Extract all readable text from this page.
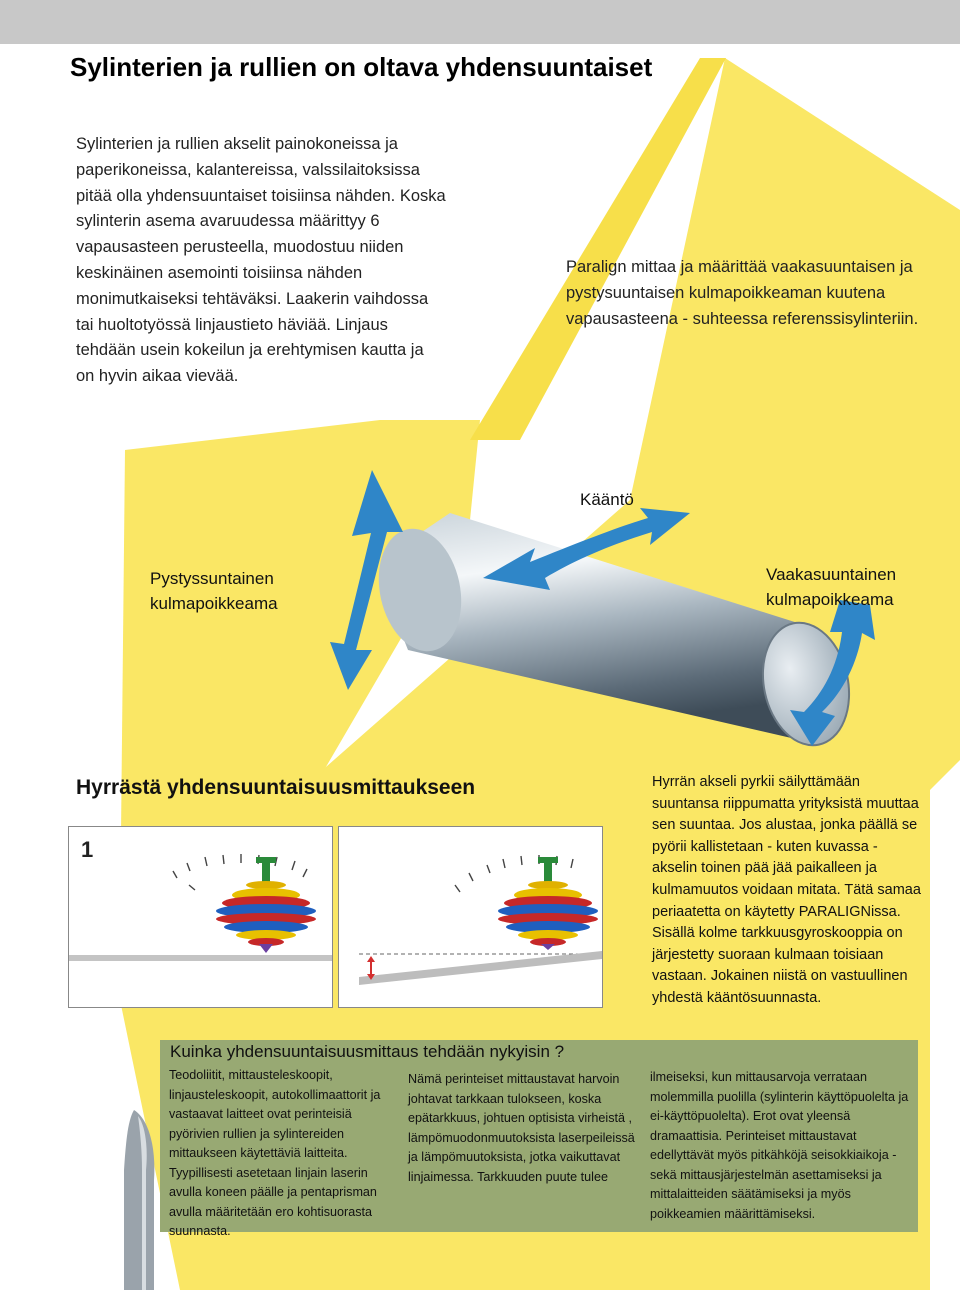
Sylinterien ja rullien on oltava yhdensuuntaiset

Sylinterien ja rullien akselit painokoneissa ja paperikoneissa, kalantereissa, valssilaitoksissa pitää olla yhdensuuntaiset toisiinsa nähden. Koska sylinterin asema avaruudessa määrittyy 6 vapausasteen perusteella, muodostuu niiden keskinäinen asemointi toisiinsa nähden monimutkaiseksi tehtäväksi. Laakerin vaihdossa tai huoltotyössä linjaustieto häviää. Linjaus tehdään usein kokeilun ja erehtymisen kautta ja on hyvin aikaa vievää.

Paralign mittaa ja määrittää vaakasuuntaisen ja pystysuuntaisen kulmapoikkeaman kuutena vapausasteena - suhteessa referenssisylinteriin.

Kääntö
Pystyssuntainen
kulmapoikkeama
Vaakasuuntainen
kulmapoikkeama
Hyrrästä yhdensuuntaisuusmittaukseen
1

Hyrrän akseli pyrkii säilyttämään suuntansa riippumatta yrityksistä muuttaa sen suuntaa. Jos alustaa, jonka päällä se pyörii kallistetaan - kuten kuvassa - akselin toinen pää jää paikalleen ja kulmamuutos voidaan mitata. Tätä samaa periaatetta on käytetty PARALIGNissa. Sisällä kolme tarkkuusgyroskooppia on järjestetty suoraan kulmaan toisiaan vastaan. Jokainen niistä on vastuullinen yhdestä kääntösuunnasta.

Kuinka yhdensuuntaisuusmittaus tehdään nykyisin ?

Teodoliitit, mittausteleskoopit, linjausteleskoopit, autokollimaattorit ja vastaavat laitteet ovat perinteisiä pyörivien rullien ja sylintereiden mittaukseen käytettäviä laitteita. Tyypillisesti asetetaan linjain laserin avulla koneen päälle ja pentaprisman avulla määritetään ero kohtisuorasta suunnasta.

Nämä perinteiset mittaustavat harvoin johtavat tarkkaan tulokseen, koska epätarkkuus, johtuen optisista virheistä , lämpömuodonmuutoksista laserpeileissä ja lämpömuutoksista, jotka vaikuttavat linjaimessa. Tarkkuuden puute tulee

ilmeiseksi, kun mittausarvoja verrataan molemmilla puolilla (sylinterin käyttöpuolelta ja ei-käyttöpuolelta). Erot ovat yleensä dramaattisia. Perinteiset mittaustavat edellyttävät myös pitkähköjä seisokkiaikoja - sekä mittausjärjestelmän asettamiseksi ja mittalaitteiden säätämiseksi ja myös poikkeamien määrittämiseksi.
